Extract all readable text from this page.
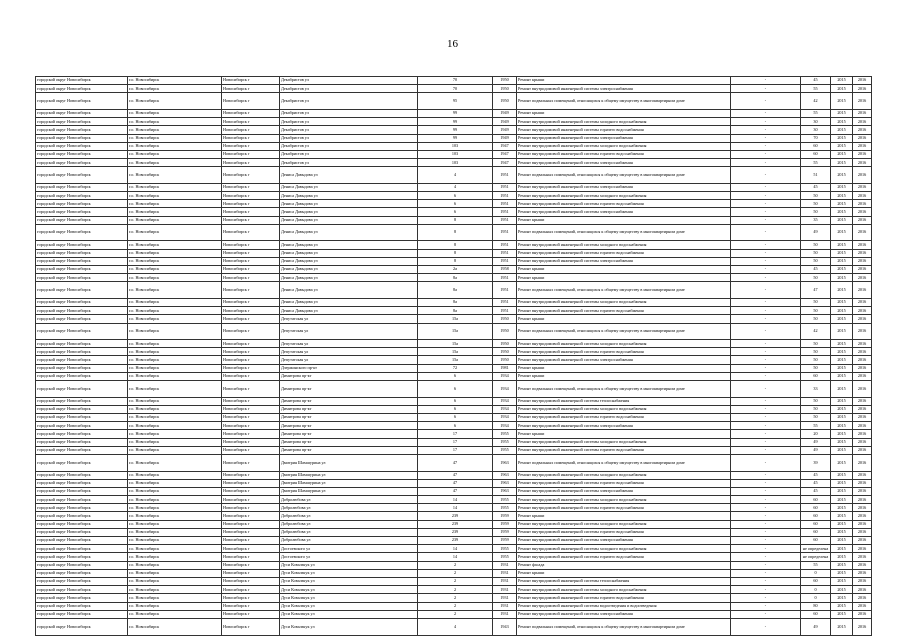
16
городской округ Новосибирск	г.о. Новосибирск	Новосибирск г	Декабристов ул	70	1950	Ремонт крыши	-	45	2015	2016
городской округ Новосибирск	г.о. Новосибирск	Новосибирск г	Декабристов ул	70	1950	Ремонт внутридомовой инженерной системы электроснабжения	-	55	2015	2016
городской округ Новосибирск	г.о. Новосибирск	Новосибирск г	Декабристов ул	95	1950	Ремонт подвальных помещений, относящихся к общему имуществу в многоквартирном доме	-	42	2015	2016
городской округ Новосибирск	г.о. Новосибирск	Новосибирск г	Декабристов ул	99	1949	Ремонт крыши	-	55	2015	2016
городской округ Новосибирск	г.о. Новосибирск	Новосибирск г	Декабристов ул	99	1949	Ремонт внутридомовой инженерной системы холодного водоснабжения	-	30	2015	2016
городской округ Новосибирск	г.о. Новосибирск	Новосибирск г	Декабристов ул	99	1949	Ремонт внутридомовой инженерной системы горячего водоснабжения	-	30	2015	2016
городской округ Новосибирск	г.о. Новосибирск	Новосибирск г	Декабристов ул	99	1949	Ремонт внутридомовой инженерной системы электроснабжения	-	70	2015	2016
городской округ Новосибирск	г.о. Новосибирск	Новосибирск г	Декабристов ул	103	1947	Ремонт внутридомовой инженерной системы холодного водоснабжения	-	60	2015	2016
городской округ Новосибирск	г.о. Новосибирск	Новосибирск г	Декабристов ул	103	1947	Ремонт внутридомовой инженерной системы горячего водоснабжения	-	60	2015	2016
городской округ Новосибирск	г.о. Новосибирск	Новосибирск г	Декабристов ул	103	1947	Ремонт внутридомовой инженерной системы электроснабжения	-	55	2015	2016
городской округ Новосибирск	г.о. Новосибирск	Новосибирск г	Дениса Давыдова ул	4	1951	Ремонт подвальных помещений, относящихся к общему имуществу в многоквартирном доме	-	51	2015	2016
городской округ Новосибирск	г.о. Новосибирск	Новосибирск г	Дениса Давыдова ул	4	1951	Ремонт внутридомовой инженерной системы электроснабжения	-	45	2015	2016
городской округ Новосибирск	г.о. Новосибирск	Новосибирск г	Дениса Давыдова ул	6	1951	Ремонт внутридомовой инженерной системы холодного водоснабжения	-	50	2015	2016
городской округ Новосибирск	г.о. Новосибирск	Новосибирск г	Дениса Давыдова ул	6	1951	Ремонт внутридомовой инженерной системы горячего водоснабжения	-	50	2015	2016
городской округ Новосибирск	г.о. Новосибирск	Новосибирск г	Дениса Давыдова ул	6	1951	Ремонт внутридомовой инженерной системы электроснабжения	-	50	2015	2016
городской округ Новосибирск	г.о. Новосибирск	Новосибирск г	Дениса Давыдова ул	8	1951	Ремонт крыши	-	35	2015	2016
городской округ Новосибирск	г.о. Новосибирск	Новосибирск г	Дениса Давыдова ул	8	1951	Ремонт подвальных помещений, относящихся к общему имуществу в многоквартирном доме	-	49	2015	2016
городской округ Новосибирск	г.о. Новосибирск	Новосибирск г	Дениса Давыдова ул	8	1951	Ремонт внутридомовой инженерной системы холодного водоснабжения	-	50	2015	2016
городской округ Новосибирск	г.о. Новосибирск	Новосибирск г	Дениса Давыдова ул	8	1951	Ремонт внутридомовой инженерной системы горячего водоснабжения	-	50	2015	2016
городской округ Новосибирск	г.о. Новосибирск	Новосибирск г	Дениса Давыдова ул	8	1951	Ремонт внутридомовой инженерной системы электроснабжения	-	50	2015	2016
городской округ Новосибирск	г.о. Новосибирск	Новосибирск г	Дениса Давыдова ул	2а	1958	Ремонт крыши	-	45	2015	2016
городской округ Новосибирск	г.о. Новосибирск	Новосибирск г	Дениса Давыдова ул	8а	1951	Ремонт крыши	-	50	2015	2016
городской округ Новосибирск	г.о. Новосибирск	Новосибирск г	Дениса Давыдова ул	8а	1951	Ремонт подвальных помещений, относящихся к общему имуществу в многоквартирном доме	-	47	2015	2016
городской округ Новосибирск	г.о. Новосибирск	Новосибирск г	Дениса Давыдова ул	8а	1951	Ремонт внутридомовой инженерной системы холодного водоснабжения	-	50	2015	2016
городской округ Новосибирск	г.о. Новосибирск	Новосибирск г	Дениса Давыдова ул	8а	1951	Ремонт внутридомовой инженерной системы горячего водоснабжения	-	50	2015	2016
городской округ Новосибирск	г.о. Новосибирск	Новосибирск г	Депутатская ул	15а	1950	Ремонт крыши	-	50	2015	2016
городской округ Новосибирск	г.о. Новосибирск	Новосибирск г	Депутатская ул	15а	1950	Ремонт подвальных помещений, относящихся к общему имуществу в многоквартирном доме	-	42	2015	2016
городской округ Новосибирск	г.о. Новосибирск	Новосибирск г	Депутатская ул	15а	1950	Ремонт внутридомовой инженерной системы холодного водоснабжения	-	50	2015	2016
городской округ Новосибирск	г.о. Новосибирск	Новосибирск г	Депутатская ул	15а	1950	Ремонт внутридомовой инженерной системы горячего водоснабжения	-	50	2015	2016
городской округ Новосибирск	г.о. Новосибирск	Новосибирск г	Депутатская ул	15а	1950	Ремонт внутридомовой инженерной системы электроснабжения	-	50	2015	2016
городской округ Новосибирск	г.о. Новосибирск	Новосибирск г	Дзержинского пр-кт	72	1981	Ремонт крыши	-	50	2015	2016
городской округ Новосибирск	г.о. Новосибирск	Новосибирск г	Димитрова пр-кт	6	1934	Ремонт крыши	-	60	2015	2016
городской округ Новосибирск	г.о. Новосибирск	Новосибирск г	Димитрова пр-кт	6	1934	Ремонт подвальных помещений, относящихся к общему имуществу в многоквартирном доме	-	33	2015	2016
городской округ Новосибирск	г.о. Новосибирск	Новосибирск г	Димитрова пр-кт	6	1934	Ремонт внутридомовой инженерной системы теплоснабжения	-	50	2015	2016
городской округ Новосибирск	г.о. Новосибирск	Новосибирск г	Димитрова пр-кт	6	1934	Ремонт внутридомовой инженерной системы холодного водоснабжения	-	50	2015	2016
городской округ Новосибирск	г.о. Новосибирск	Новосибирск г	Димитрова пр-кт	6	1934	Ремонт внутридомовой инженерной системы горячего водоснабжения	-	50	2015	2016
городской округ Новосибирск	г.о. Новосибирск	Новосибирск г	Димитрова пр-кт	6	1934	Ремонт внутридомовой инженерной системы электроснабжения	-	55	2015	2016
городской округ Новосибирск	г.о. Новосибирск	Новосибирск г	Димитрова пр-кт	17	1955	Ремонт крыши	-	20	2015	2016
городской округ Новосибирск	г.о. Новосибирск	Новосибирск г	Димитрова пр-кт	17	1955	Ремонт внутридомовой инженерной системы холодного водоснабжения	-	49	2015	2016
городской округ Новосибирск	г.о. Новосибирск	Новосибирск г	Димитрова пр-кт	17	1955	Ремонт внутридомовой инженерной системы горячего водоснабжения	-	49	2015	2016
городской округ Новосибирск	г.о. Новосибирск	Новосибирск г	Дмитрия Шамшурина ул	47	1963	Ремонт подвальных помещений, относящихся к общему имуществу в многоквартирном доме	-	39	2015	2016
городской округ Новосибирск	г.о. Новосибирск	Новосибирск г	Дмитрия Шамшурина ул	47	1963	Ремонт внутридомовой инженерной системы холодного водоснабжения	-	45	2015	2016
городской округ Новосибирск	г.о. Новосибирск	Новосибирск г	Дмитрия Шамшурина ул	47	1963	Ремонт внутридомовой инженерной системы горячего водоснабжения	-	45	2015	2016
городской округ Новосибирск	г.о. Новосибирск	Новосибирск г	Дмитрия Шамшурина ул	47	1963	Ремонт внутридомовой инженерной системы электроснабжения	-	45	2015	2016
городской округ Новосибирск	г.о. Новосибирск	Новосибирск г	Добролюбова ул	14	1955	Ремонт внутридомовой инженерной системы холодного водоснабжения	-	60	2015	2016
городской округ Новосибирск	г.о. Новосибирск	Новосибирск г	Добролюбова ул	14	1955	Ремонт внутридомовой инженерной системы горячего водоснабжения	-	60	2015	2016
городской округ Новосибирск	г.о. Новосибирск	Новосибирск г	Добролюбова ул	239	1959	Ремонт крыши	-	60	2015	2016
городской округ Новосибирск	г.о. Новосибирск	Новосибирск г	Добролюбова ул	239	1959	Ремонт внутридомовой инженерной системы холодного водоснабжения	-	60	2015	2016
городской округ Новосибирск	г.о. Новосибирск	Новосибирск г	Добролюбова ул	239	1959	Ремонт внутридомовой инженерной системы горячего водоснабжения	-	60	2015	2016
городской округ Новосибирск	г.о. Новосибирск	Новосибирск г	Добролюбова ул	239	1959	Ремонт внутридомовой инженерной системы электроснабжения	-	60	2015	2016
городской округ Новосибирск	г.о. Новосибирск	Новосибирск г	Достоевского ул	14	1955	Ремонт внутридомовой инженерной системы холодного водоснабжения	-	не определена	2015	2016
городской округ Новосибирск	г.о. Новосибирск	Новосибирск г	Достоевского ул	14	1955	Ремонт внутридомовой инженерной системы горячего водоснабжения	-	не определена	2015	2016
городской округ Новосибирск	г.о. Новосибирск	Новосибирск г	Дуси Ковальчук ул	2	1931	Ремонт фасада	-	55	2015	2016
городской округ Новосибирск	г.о. Новосибирск	Новосибирск г	Дуси Ковальчук ул	2	1931	Ремонт крыши	-	0	2015	2016
городской округ Новосибирск	г.о. Новосибирск	Новосибирск г	Дуси Ковальчук ул	2	1931	Ремонт внутридомовой инженерной системы теплоснабжения	-	60	2015	2016
городской округ Новосибирск	г.о. Новосибирск	Новосибирск г	Дуси Ковальчук ул	2	1931	Ремонт внутридомовой инженерной системы холодного водоснабжения	-	0	2015	2016
городской округ Новосибирск	г.о. Новосибирск	Новосибирск г	Дуси Ковальчук ул	2	1931	Ремонт внутридомовой инженерной системы горячего водоснабжения	-	0	2015	2016
городской округ Новосибирск	г.о. Новосибирск	Новосибирск г	Дуси Ковальчук ул	2	1931	Ремонт внутридомовой инженерной системы водоотведения и водоотведения	-	80	2015	2016
городской округ Новосибирск	г.о. Новосибирск	Новосибирск г	Дуси Ковальчук ул	2	1931	Ремонт внутридомовой инженерной системы электроснабжения	-	60	2015	2016
городской округ Новосибирск	г.о. Новосибирск	Новосибирск г	Дуси Ковальчук ул	4	1943	Ремонт подвальных помещений, относящихся к общему имуществу в многоквартирном доме	-	49	2015	2016
